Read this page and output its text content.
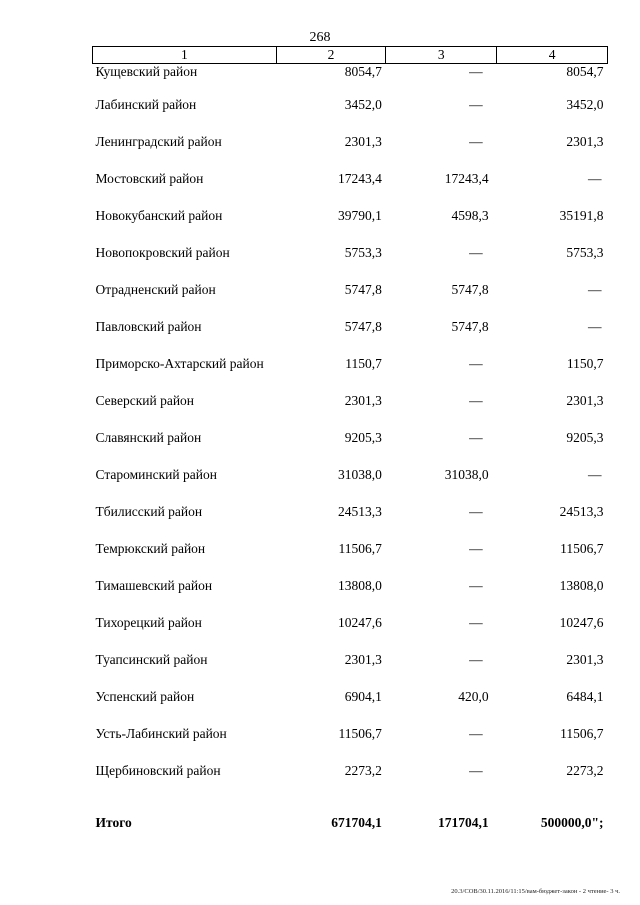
268
1	2	3	4
Кущевский район	8054,7	—	8054,7
Лабинский район	3452,0	—	3452,0
Ленинградский район	2301,3	—	2301,3
Мостовский район	17243,4	17243,4	—
Новокубанский район	39790,1	4598,3	35191,8
Новопокровский район	5753,3	—	5753,3
Отрадненский район	5747,8	5747,8	—
Павловский район	5747,8	5747,8	—
Приморско-Ахтарский район	1150,7	—	1150,7
Северский район	2301,3	—	2301,3
Славянский район	9205,3	—	9205,3
Староминский район	31038,0	31038,0	—
Тбилисский район	24513,3	—	24513,3
Темрюкский район	11506,7	—	11506,7
Тимашевский район	13808,0	—	13808,0
Тихорецкий район	10247,6	—	10247,6
Туапсинский район	2301,3	—	2301,3
Успенский район	6904,1	420,0	6484,1
Усть-Лабинский район	11506,7	—	11506,7
Щербиновский район	2273,2	—	2273,2
Итого	671704,1	171704,1	500000,0";
20.3/СОВ/30.11.2016/11:15/вам-бюджет-закон - 2 чтение- 3 ч.
